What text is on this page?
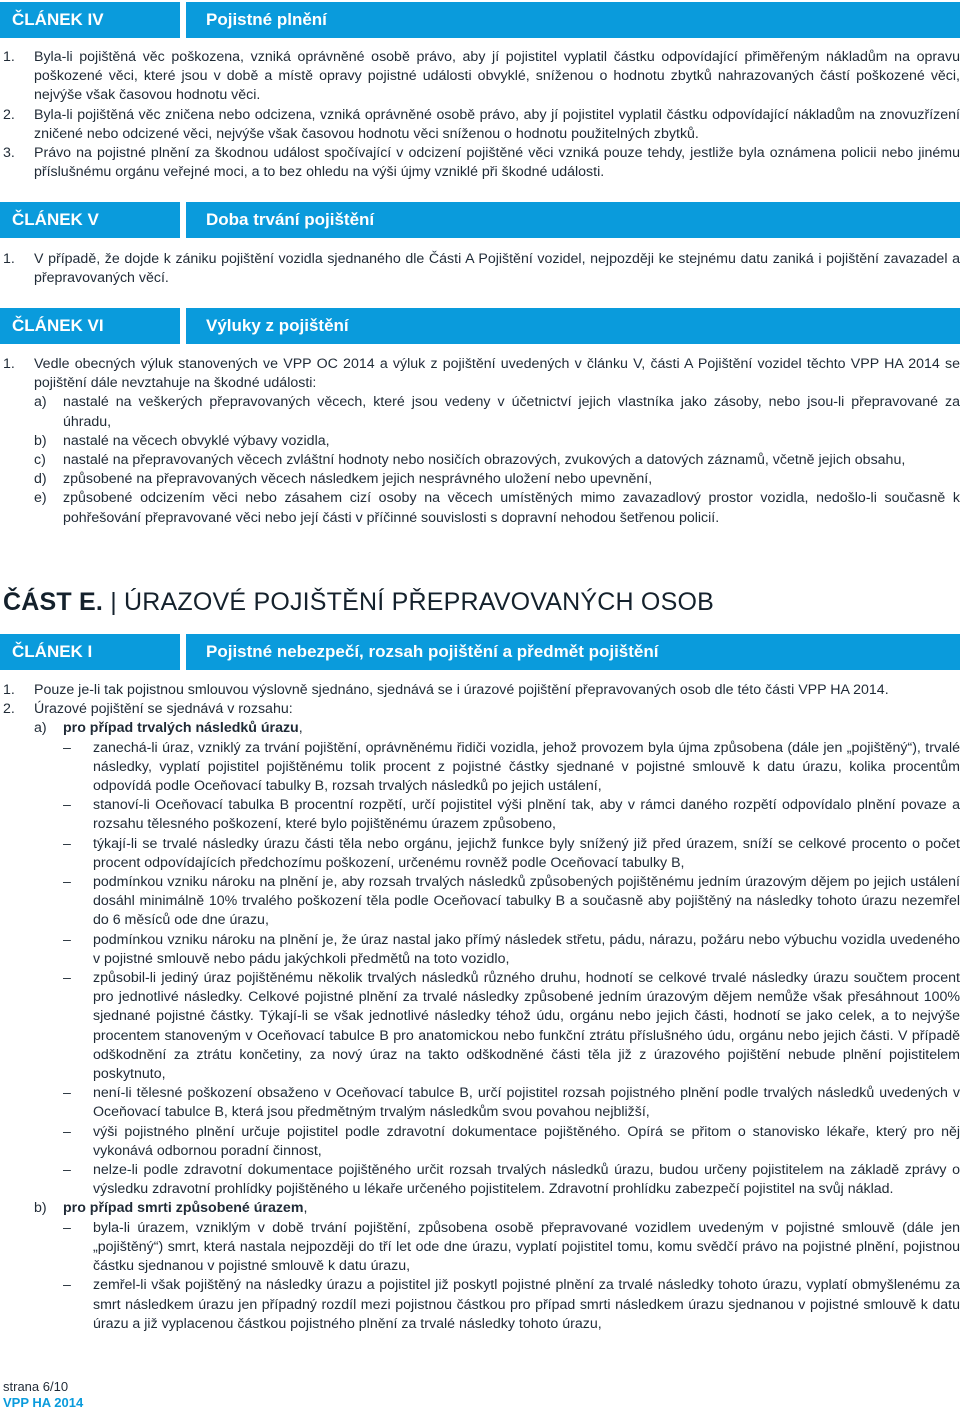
ČLÁNEK IV	Pojistné plnění
1. Byla-li pojištěná věc poškozena, vzniká oprávněné osobě právo, aby jí pojistitel vyplatil částku odpovídající přiměřeným nákladům na opravu poškozené věci, které jsou v době a místě opravy pojistné události obvyklé, sníženou o hodnotu zbytků nahrazovaných částí poškozené věci, nejvýše však časovou hodnotu věci.
2. Byla-li pojištěná věc zničena nebo odcizena, vzniká oprávněné osobě právo, aby jí pojistitel vyplatil částku odpovídající nákladům na znovuzřízení zničené nebo odcizené věci, nejvýše však časovou hodnotu věci sníženou o hodnotu použitelných zbytků.
3. Právo na pojistné plnění za škodnou událost spočívající v odcizení pojištěné věci vzniká pouze tehdy, jestliže byla oznámena policii nebo jinému příslušnému orgánu veřejné moci, a to bez ohledu na výši újmy vzniklé při škodné události.
ČLÁNEK V	Doba trvání pojištění
1. V případě, že dojde k zániku pojištění vozidla sjednaného dle Části A Pojištění vozidel, nejpozději ke stejnému datu zaniká i pojištění zavazadel a přepravovaných věcí.
ČLÁNEK VI	Výluky z pojištění
1. Vedle obecných výluk stanovených ve VPP OC 2014 a výluk z pojištění uvedených v článku V, části A Pojištění vozidel těchto VPP HA 2014 se pojištění dále nevztahuje na škodné události:
a) nastalé na veškerých přepravovaných věcech, které jsou vedeny v účetnictví jejich vlastníka jako zásoby, nebo jsou-li přepravované za úhradu,
b) nastalé na věcech obvyklé výbavy vozidla,
c) nastalé na přepravovaných věcech zvláštní hodnoty nebo nosičích obrazových, zvukových a datových záznamů, včetně jejich obsahu,
d) způsobené na přepravovaných věcech následkem jejich nesprávného uložení nebo upevnění,
e) způsobené odcizením věci nebo zásahem cizí osoby na věcech umístěných mimo zavazadlový prostor vozidla, nedošlo-li současně k pohřešování přepravované věci nebo její části v příčinné souvislosti s dopravní nehodou šetřenou policií.
ČÁST E. | ÚRAZOVÉ POJIŠTĚNÍ PŘEPRAVOVANÝCH OSOB
ČLÁNEK I	Pojistné nebezpečí, rozsah pojištění a předmět pojištění
1. Pouze je-li tak pojistnou smlouvou výslovně sjednáno, sjednává se i úrazové pojištění přepravovaných osob dle této části VPP HA 2014.
2. Úrazové pojištění se sjednává v rozsahu:
a) pro případ trvalých následků úrazu,
– zanechá-li úraz, vzniklý za trvání pojištění, oprávněnému řidiči vozidla, jehož provozem byla újma způsobena (dále jen „pojištěný“), trvalé následky, vyplatí pojistitel pojištěnému tolik procent z pojistné částky sjednané v pojistné smlouvě k datu úrazu, kolika procentům odpovídá podle Oceňovací tabulky B, rozsah trvalých následků po jejich ustálení,
– stanoví-li Oceňovací tabulka B procentní rozpětí, určí pojistitel výši plnění tak, aby v rámci daného rozpětí odpovídalo plnění povaze a rozsahu tělesného poškození, které bylo pojištěnému úrazem způsobeno,
– týkají-li se trvalé následky úrazu části těla nebo orgánu, jejichž funkce byly snížený již před úrazem, sníží se celkové procento o počet procent odpovídajících předchozímu poškození, určenému rovněž podle Oceňovací tabulky B,
– podmínkou vzniku nároku na plnění je, aby rozsah trvalých následků způsobených pojištěnému jedním úrazovým dějem po jejich ustálení dosáhl minimálně 10% trvalého poškození těla podle Oceňovací tabulky B a současně aby pojištěný na následky tohoto úrazu nezemřel do 6 měsíců ode dne úrazu,
– podmínkou vzniku nároku na plnění je, že úraz nastal jako přímý následek střetu, pádu, nárazu, požáru nebo výbuchu vozidla uvedeného v pojistné smlouvě nebo pádu jakýchkoli předmětů na toto vozidlo,
– způsobil-li jediný úraz pojištěnému několik trvalých následků různého druhu, hodnotí se celkové trvalé následky úrazu součtem procent pro jednotlivé následky. Celkové pojistné plnění za trvalé následky způsobené jedním úrazovým dějem nemůže však přesáhnout 100% sjednané pojistné částky. Týkají-li se však jednotlivé následky téhož údu, orgánu nebo jejich části, hodnotí se jako celek, a to nejvýše procentem stanoveným v Oceňovací tabulce B pro anatomickou nebo funkční ztrátu příslušného údu, orgánu nebo jejich části. V případě odškodnění za ztrátu končetiny, za nový úraz na takto odškodněné části těla již z úrazového pojištění nebude plnění pojistitelem poskytnuto,
– není-li tělesné poškození obsaženo v Oceňovací tabulce B, určí pojistitel rozsah pojistného plnění podle trvalých následků uvedených v Oceňovací tabulce B, která jsou předmětným trvalým následkům svou povahou nejbližší,
– výši pojistného plnění určuje pojistitel podle zdravotní dokumentace pojištěného. Opírá se přitom o stanovisko lékaře, který pro něj vykonává odbornou poradní činnost,
– nelze-li podle zdravotní dokumentace pojištěného určit rozsah trvalých následků úrazu, budou určeny pojistitelem na základě zprávy o výsledku zdravotní prohlídky pojištěného u lékaře určeného pojistitelem. Zdravotní prohlídku zabezpečí pojistitel na svůj náklad.
b) pro případ smrti způsobené úrazem,
– byla-li úrazem, vzniklým v době trvání pojištění, způsobena osobě přepravované vozidlem uvedeným v pojistné smlouvě (dále jen „pojištěný“) smrt, která nastala nejpozději do tří let ode dne úrazu, vyplatí pojistitel tomu, komu svědčí právo na pojistné plnění, pojistnou částku sjednanou v pojistné smlouvě k datu úrazu,
– zemřel-li však pojištěný na následky úrazu a pojistitel již poskytl pojistné plnění za trvalé následky tohoto úrazu, vyplatí obmyšlenému za smrt následkem úrazu jen případný rozdíl mezi pojistnou částkou pro případ smrti následkem úrazu sjednanou v pojistné smlouvě k datu úrazu a již vyplacenou částkou pojistného plnění za trvalé následky tohoto úrazu,
strana 6/10
VPP HA 2014
